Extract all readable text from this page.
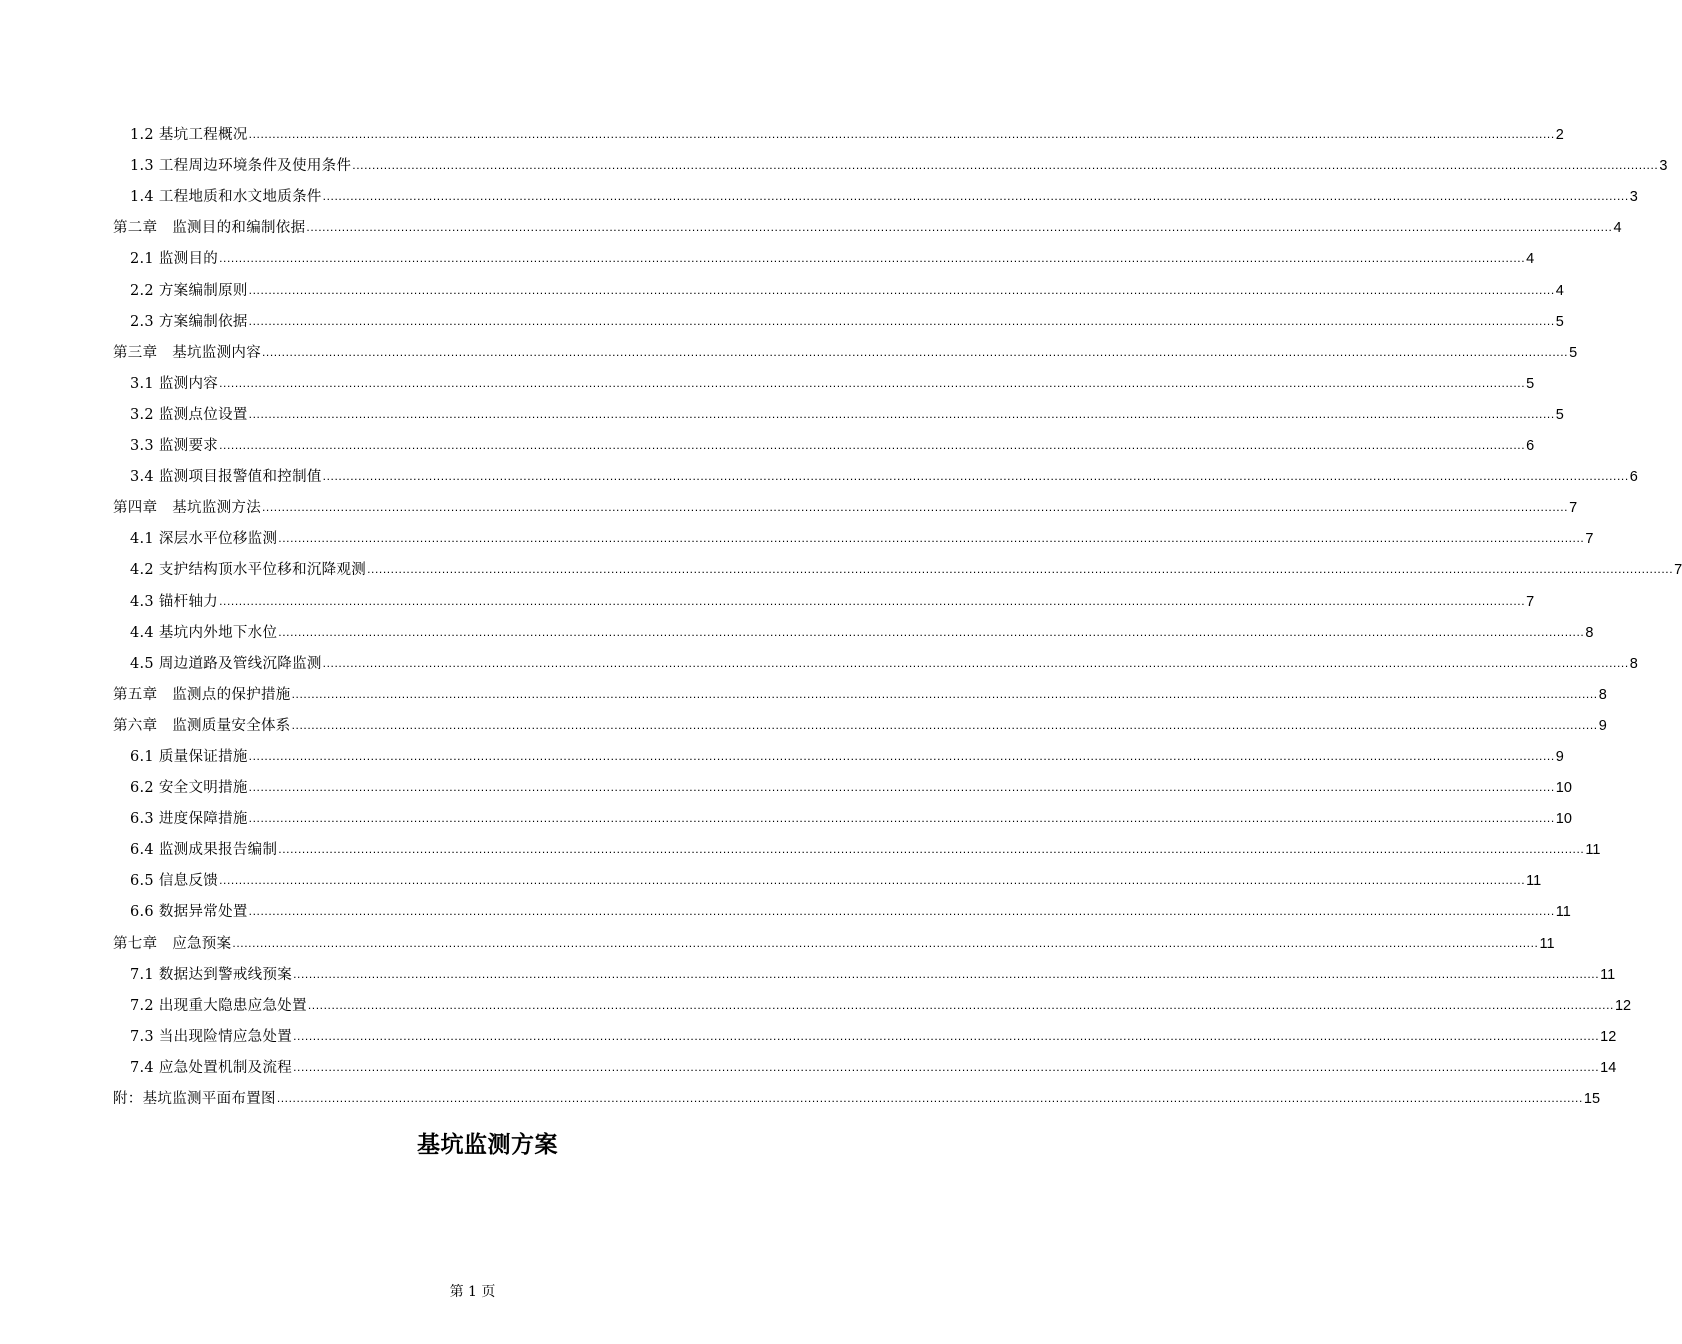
1.2 基坑工程概况 ............................................................................................................................................................................................................................................................................................................................................ 2
1.3 工程周边环境条件及使用条件 ............................................................................................................................................................................................................................................................................................................................................ 3
1.4 工程地质和水文地质条件 ............................................................................................................................................................................................................................................................................................................................................ 3
第二章　监测目的和编制依据 ............................................................................................................................................................................................................................................................................................................................................ 4
2.1 监测目的 ............................................................................................................................................................................................................................................................................................................................................ 4
2.2 方案编制原则 ............................................................................................................................................................................................................................................................................................................................................ 4
2.3 方案编制依据 ............................................................................................................................................................................................................................................................................................................................................ 5
第三章　基坑监测内容 ............................................................................................................................................................................................................................................................................................................................................ 5
3.1 监测内容 ............................................................................................................................................................................................................................................................................................................................................ 5
3.2 监测点位设置 ............................................................................................................................................................................................................................................................................................................................................ 5
3.3 监测要求 ............................................................................................................................................................................................................................................................................................................................................ 6
3.4 监测项目报警值和控制值 ............................................................................................................................................................................................................................................................................................................................................ 6
第四章　基坑监测方法 ............................................................................................................................................................................................................................................................................................................................................ 7
4.1 深层水平位移监测 ............................................................................................................................................................................................................................................................................................................................................ 7
4.2 支护结构顶水平位移和沉降观测 ............................................................................................................................................................................................................................................................................................................................................ 7
4.3 锚杆轴力 ............................................................................................................................................................................................................................................................................................................................................ 7
4.4 基坑内外地下水位 ............................................................................................................................................................................................................................................................................................................................................ 8
4.5 周边道路及管线沉降监测 ............................................................................................................................................................................................................................................................................................................................................ 8
第五章　监测点的保护措施 ............................................................................................................................................................................................................................................................................................................................................ 8
第六章　监测质量安全体系 ............................................................................................................................................................................................................................................................................................................................................ 9
6.1 质量保证措施 ............................................................................................................................................................................................................................................................................................................................................ 9
6.2 安全文明措施 ............................................................................................................................................................................................................................................................................................................................................ 10
6.3 进度保障措施 ............................................................................................................................................................................................................................................................................................................................................ 10
6.4 监测成果报告编制 ............................................................................................................................................................................................................................................................................................................................................ 11
6.5 信息反馈 ............................................................................................................................................................................................................................................................................................................................................ 11
6.6 数据异常处置 ............................................................................................................................................................................................................................................................................................................................................ 11
第七章　应急预案 ............................................................................................................................................................................................................................................................................................................................................ 11
7.1 数据达到警戒线预案 ............................................................................................................................................................................................................................................................................................................................................ 11
7.2 出现重大隐患应急处置 ............................................................................................................................................................................................................................................................................................................................................ 12
7.3 当出现险情应急处置 ............................................................................................................................................................................................................................................................................................................................................ 12
7.4 应急处置机制及流程 ............................................................................................................................................................................................................................................................................................................................................ 14
附：基坑监测平面布置图 ............................................................................................................................................................................................................................................................................................................................................ 15
基坑监测方案
第 1 页
